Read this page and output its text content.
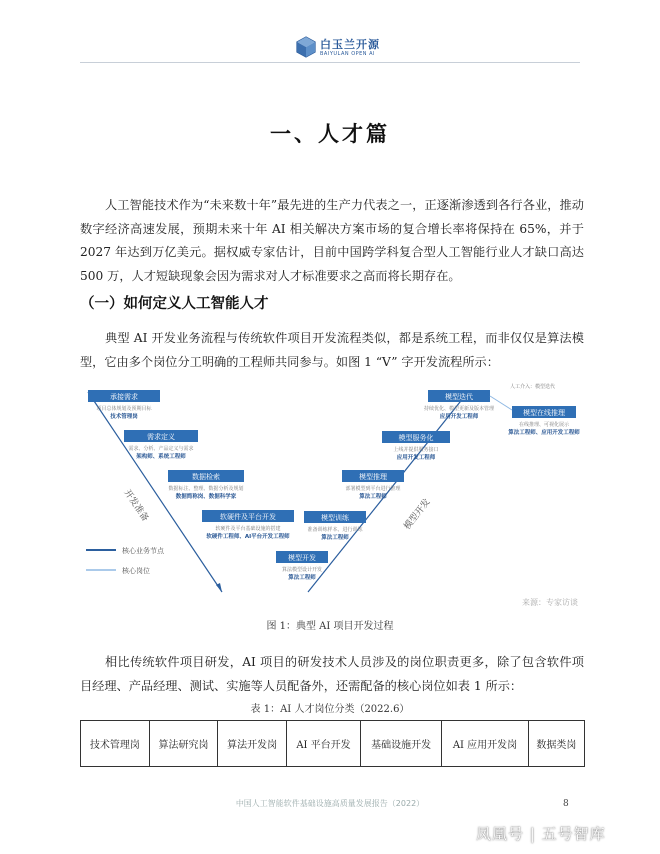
白玉兰开源
BAIYULAN OPEN AI
一、人才篇

人工智能技术作为“未来数十年”最先进的生产力代表之一，正逐渐渗透到各行各业，推动数字经济高速发展，预期未来十年 AI 相关解决方案市场的复合增长率将保持在 65%，并于 2027 年达到万亿美元。据权威专家估计，目前中国跨学科复合型人工智能行业人才缺口高达 500 万，人才短缺现象会因为需求对人才标准要求之高而将长期存在。

（一）如何定义人工智能人才

典型 AI 开发业务流程与传统软件项目开发流程类似，都是系统工程，而非仅仅是算法模型，它由多个岗位分工明确的工程师共同参与。如图 1 “V” 字开发流程所示：

承接需求
项目总体规划及预期目标
技术管理岗
需求定义
需求、分析、产品定义与需求
架构师、系统工程师
数据检索
数据标注、整理、数据分析及规划
数据简称岗、数据科学家
软硬件及平台开发
软硬件及平台基础设施的搭建
软硬件工程师、AI平台开发工程师
模型开发
算法模型设计开发
算法工程师
模型训练
准备训练样本、进行训练
算法工程师
模型推理
部署模型到平台进行推理
算法工程师
模型服务化
上线并提供服务接口
应用开发工程师
模型迭代
持续优化、模型更新及版本管理
应用开发工程师	模型在线推理
在线推理、可视化展示
算法工程师、应用开发工程师
人工介入：模型迭代
开发准备	模型开发
核心业务节点
核心岗位
来源：专家访谈
图 1：典型 AI 项目开发过程

相比传统软件项目研发，AI 项目的研发技术人员涉及的岗位职责更多，除了包含软件项目经理、产品经理、测试、实施等人员配备外，还需配备的核心岗位如表 1 所示：

表 1：AI 人才岗位分类（2022.6）
技术管理岗	算法研究岗	算法开发岗	AI 平台开发	基础设施开发	AI 应用开发岗	数据类岗
中国人工智能软件基础设施高质量发展报告（2022）	8
凤凰号 | 五号智库
